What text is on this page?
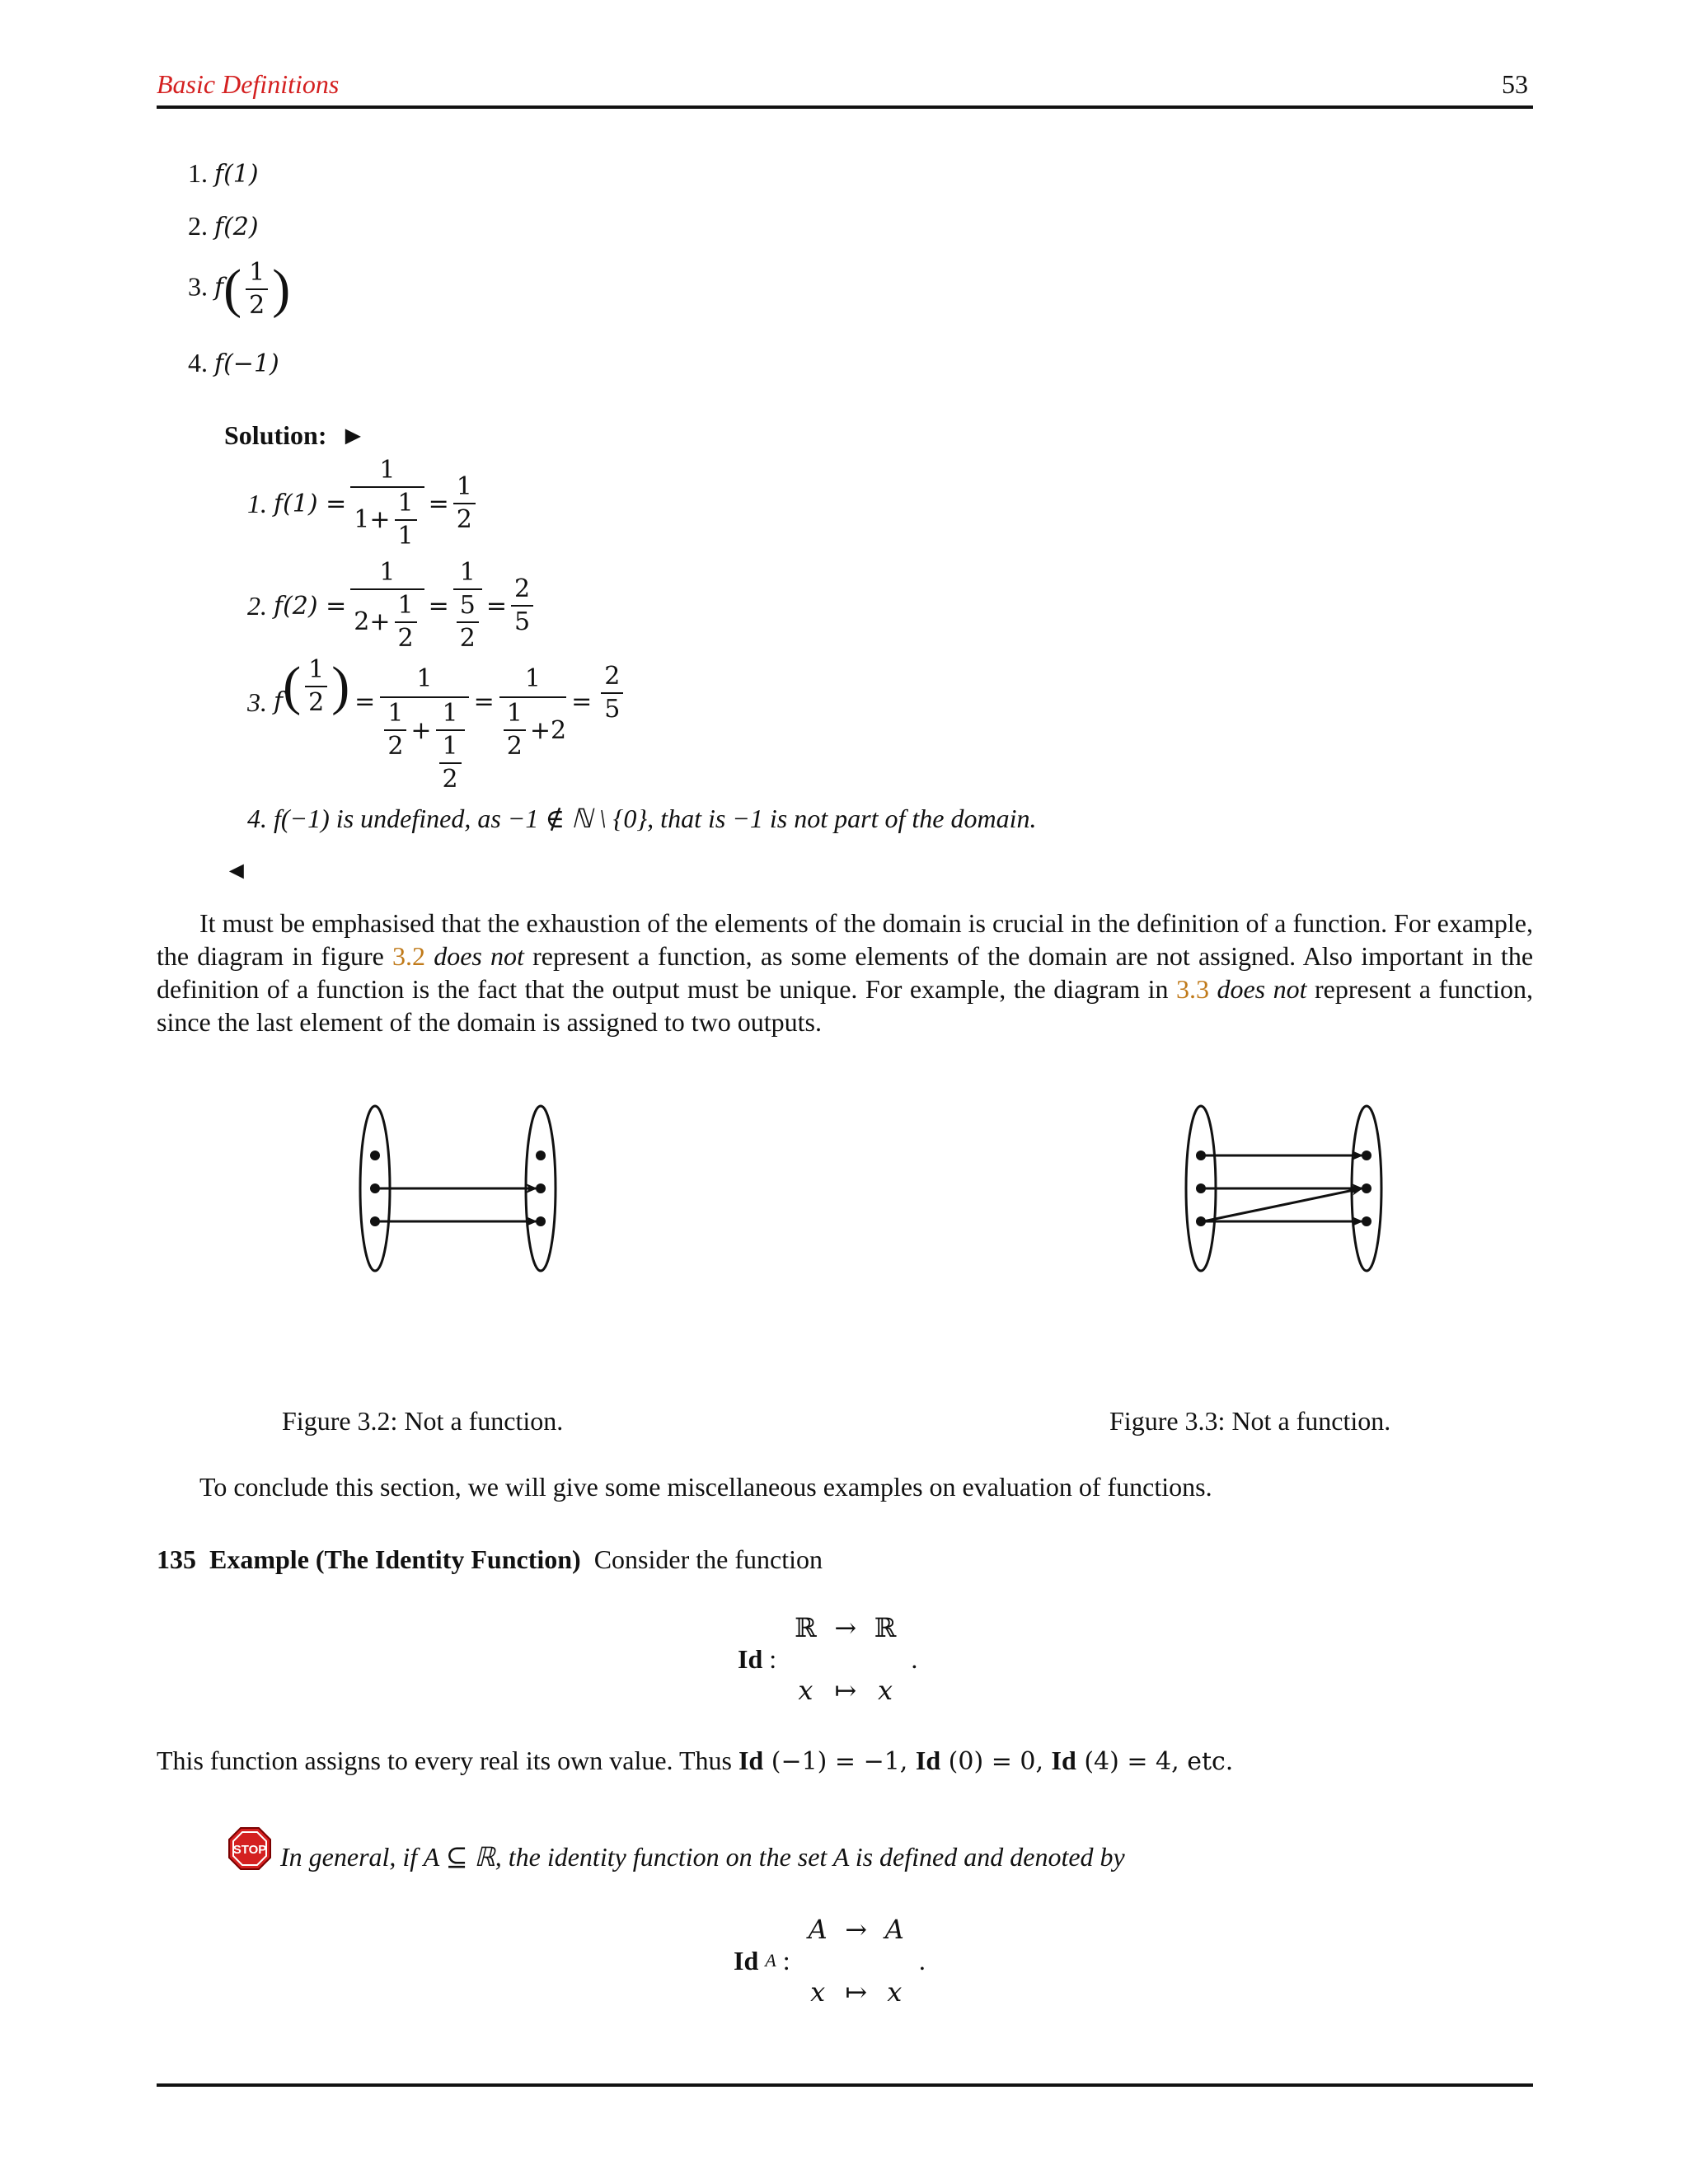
Basic Definitions	53
1. f(1)
2. f(2)
3. $f( \frac{1}{2}$ )
4. f(−1)
Solution: ►
1.
$f(1) = \frac{1}{1+ \frac{1}{1}} = \frac{1}{2}$
2.
$f(2) = \frac{1}{2+ \frac{1}{2}} = \frac{1}{\frac{5}{2}} = \frac{2}{5}$
3.
f ( $\frac{1}{2}$ ) =
1
$\frac{1}{2} + \frac{1}{\frac{1}{2}}$ =
1
$\frac{1}{2} +2$
= $\frac{2}{5}$
4. f(−1) is undefined, as −1 ∉ ℕ \ {0}, that is −1 is not part of the domain.
◄
It must be emphasised that the exhaustion of the elements of the domain is crucial in the definition of a function. For example, the diagram in figure 3.2 does not represent a function, as some elements of the domain are not assigned. Also important in the definition of a function is the fact that the output must be unique. For example, the diagram in 3.3 does not represent a function, since the last element of the domain is assigned to two outputs.
Figure 3.2: Not a function.	Figure 3.3: Not a function.
To conclude this section, we will give some miscellaneous examples on evaluation of functions.
135 Example (The Identity Function) Consider the function
Id
:
ℝ → ℝ
x ↦ x
.
This function assigns to every real its own value. Thus Id (−1) = −1, Id (0) = 0, Id (4) = 4, etc.
STOP In general, if A ⊆ ℝ, the identity function on the set A is defined and denoted by
Id
A
:
A → A
x ↦ x
.
